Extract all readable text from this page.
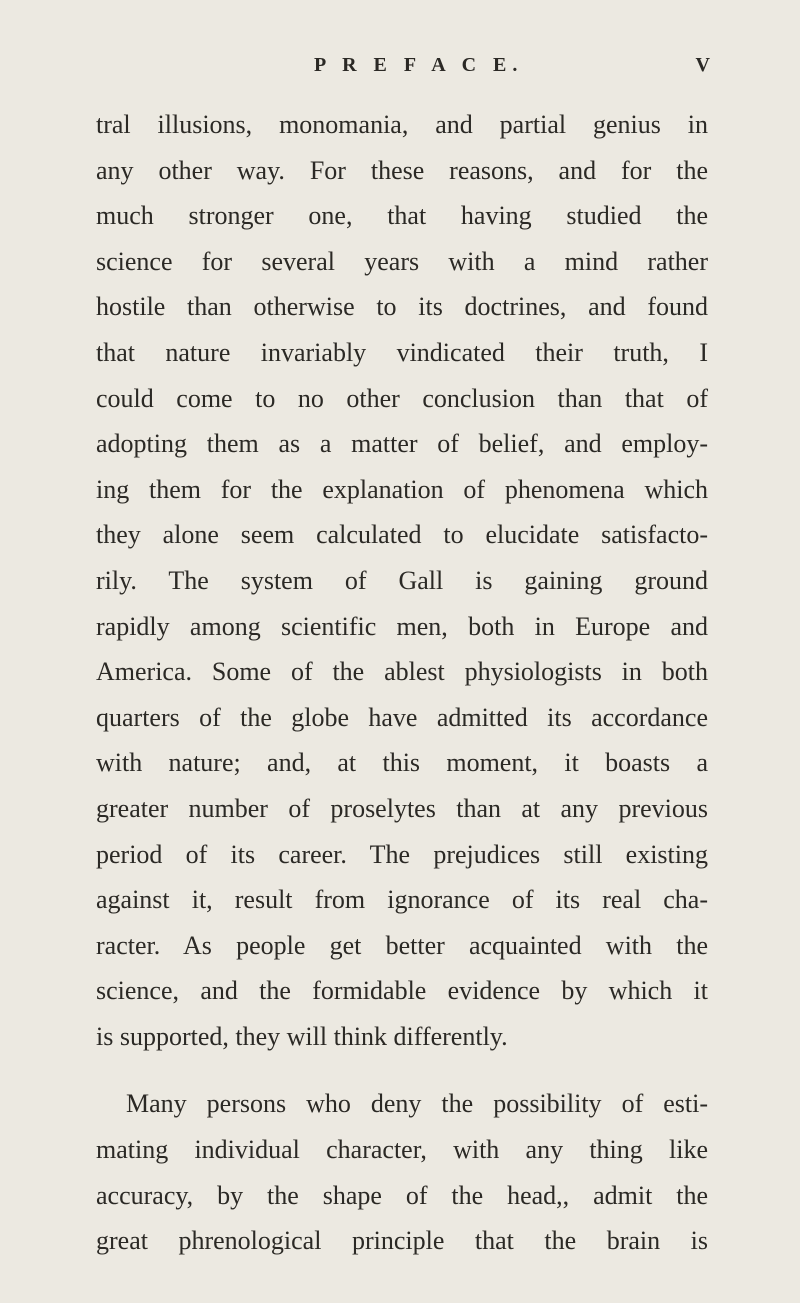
P R E F A C E.	V
tral illusions, monomania, and partial genius in
any other way. For these reasons, and for the
much stronger one, that having studied the
science for several years with a mind rather
hostile than otherwise to its doctrines, and found
that nature invariably vindicated their truth, I
could come to no other conclusion than that of
adopting them as a matter of belief, and employ-
ing them for the explanation of phenomena which
they alone seem calculated to elucidate satisfacto-
rily. The system of Gall is gaining ground
rapidly among scientific men, both in Europe and
America. Some of the ablest physiologists in both
quarters of the globe have admitted its accordance
with nature; and, at this moment, it boasts a
greater number of proselytes than at any previous
period of its career. The prejudices still existing
against it, result from ignorance of its real cha-
racter. As people get better acquainted with the
science, and the formidable evidence by which it
is supported, they will think differently.
Many persons who deny the possibility of esti-
mating individual character, with any thing like
accuracy, by the shape of the head,, admit the
great phrenological principle that the brain is
